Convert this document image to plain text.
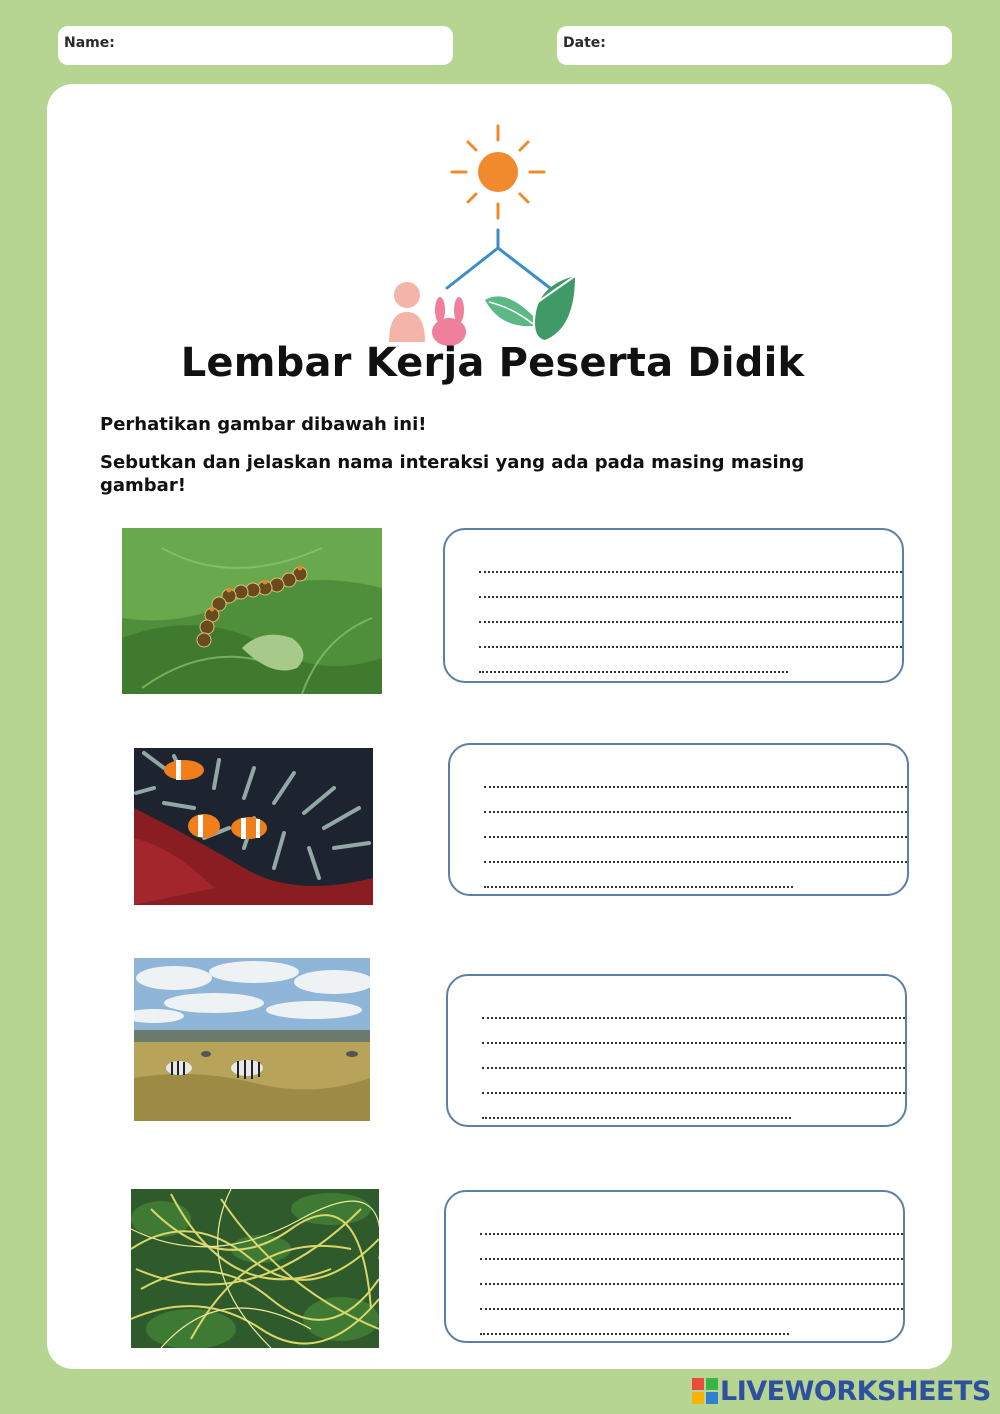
Name:	Date:
Lembar Kerja Peserta Didik
Perhatikan gambar dibawah ini!
Sebutkan dan jelaskan nama interaksi yang ada pada masing masing gambar!
LIVEWORKSHEETS
